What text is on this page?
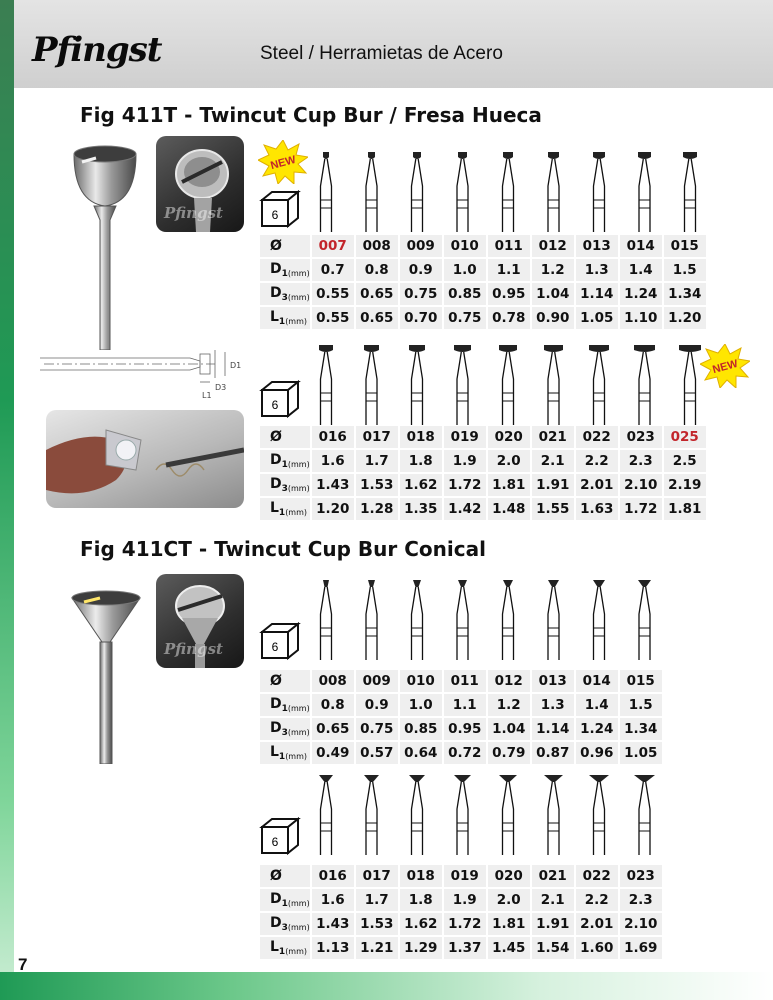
Pfingst	Steel / Herramietas de Acero
Fig 411T - Twincut Cup Bur / Fresa Hueca
Fig 411CT - Twincut Cup Bur Conical
Pfingst
D3
D1
L1
Pfingst
6
6
6
6
NEW
NEW
Ø	007	008	009	010	011	012	013	014	015
$D_{1(mm)}$	0.7	0.8	0.9	1.0	1.1	1.2	1.3	1.4	1.5
$D_{3(mm)}$	0.55	0.65	0.75	0.85	0.95	1.04	1.14	1.24	1.34
$L_{1(mm)}$	0.55	0.65	0.70	0.75	0.78	0.90	1.05	1.10	1.20
Ø	016	017	018	019	020	021	022	023	025
$D_{1(mm)}$	1.6	1.7	1.8	1.9	2.0	2.1	2.2	2.3	2.5
$D_{3(mm)}$	1.43	1.53	1.62	1.72	1.81	1.91	2.01	2.10	2.19
$L_{1(mm)}$	1.20	1.28	1.35	1.42	1.48	1.55	1.63	1.72	1.81
Ø	008	009	010	011	012	013	014	015
$D_{1(mm)}$	0.8	0.9	1.0	1.1	1.2	1.3	1.4	1.5
$D_{3(mm)}$	0.65	0.75	0.85	0.95	1.04	1.14	1.24	1.34
$L_{1(mm)}$	0.49	0.57	0.64	0.72	0.79	0.87	0.96	1.05
Ø	016	017	018	019	020	021	022	023
$D_{1(mm)}$	1.6	1.7	1.8	1.9	2.0	2.1	2.2	2.3
$D_{3(mm)}$	1.43	1.53	1.62	1.72	1.81	1.91	2.01	2.10
$L_{1(mm)}$	1.13	1.21	1.29	1.37	1.45	1.54	1.60	1.69
7
